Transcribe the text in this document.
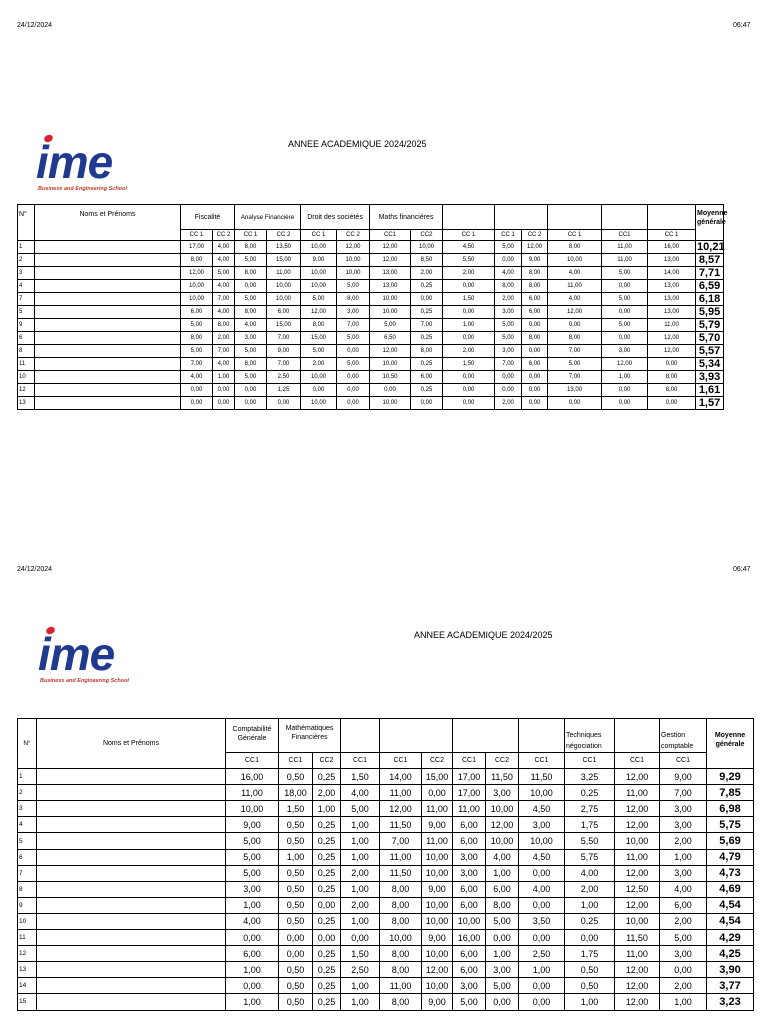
24/12/2024	06:47
ime
Business and Engineering School
ANNEE ACADEMIQUE 2024/2025
N°	Noms et Prénoms	Fiscalité		Analyse Financière		Droit des sociétés		Maths financières								Moyenne générale
		CC 1	CC 2	CC 1	CC 2	CC 1	CC 2	CC1	CC2	CC 1	CC 1	CC 2	CC 1	CC1	CC 1	
1		17,00	4,00	8,00	13,50	10,00	12,00	12,00	10,00	4,50	5,00	12,00	8,00	11,00	16,00	10,21
2		8,00	4,00	5,00	15,00	9,00	10,00	12,00	8,50	5,50	0,00	9,00	10,00	11,00	13,00	8,57
3		12,00	5,00	8,00	11,00	10,00	10,00	13,00	2,00	2,00	4,00	8,00	4,00	5,00	14,00	7,71
4		10,00	4,00	0,00	10,00	10,00	5,00	13,00	0,25	0,00	8,00	8,00	11,00	0,00	13,00	6,59
7		10,00	7,00	5,00	10,00	5,00	8,00	10,00	0,00	1,50	2,00	6,00	4,00	5,00	13,00	6,18
5		6,00	4,00	8,00	6,00	12,00	3,00	10,00	0,25	0,00	3,00	6,00	12,00	0,00	13,00	5,95
9		5,00	8,00	4,00	15,00	8,00	7,00	5,00	7,00	1,00	5,00	0,00	0,00	5,00	11,00	5,79
6		8,00	2,00	3,00	7,00	15,00	5,00	6,50	0,25	0,00	5,00	8,00	8,00	0,00	12,00	5,70
8		5,00	7,00	5,00	9,00	5,00	0,00	12,00	8,00	2,00	3,00	0,00	7,00	3,00	12,00	5,57
11		7,00	4,00	8,00	7,00	2,00	5,00	10,00	0,25	1,50	7,00	6,00	5,00	12,00	0,00	5,34
10		4,00	1,00	5,00	2,50	10,00	0,00	10,50	6,00	0,00	0,00	0,00	7,00	1,00	8,00	3,93
12		0,00	0,00	0,00	1,25	0,00	0,00	0,00	0,25	0,00	0,00	0,00	13,00	0,00	8,00	1,61
13		0,00	0,00	0,00	0,00	10,00	0,00	10,00	0,00	0,00	2,00	0,00	0,00	0,00	0,00	1,57
24/12/2024	06:47
ime
Business and Engineering School
ANNEE ACADEMIQUE 2024/2025
N°	Noms et Prénoms	Comptabilité Générale	Mathématiques Financières								Techniques négociation		Gestion comptable	Moyenne générale
		CC1	CC1	CC2	CC1	CC1	CC2	CC1	CC2	CC1	CC1	CC1	CC1	
1		16,00	0,50	0,25	1,50	14,00	15,00	17,00	11,50	11,50	3,25	12,00	9,00	9,29
2		11,00	18,00	2,00	4,00	11,00	0,00	17,00	3,00	10,00	0,25	11,00	7,00	7,85
3		10,00	1,50	1,00	5,00	12,00	11,00	11,00	10,00	4,50	2,75	12,00	3,00	6,98
4		9,00	0,50	0,25	1,00	11,50	9,00	6,00	12,00	3,00	1,75	12,00	3,00	5,75
5		5,00	0,50	0,25	1,00	7,00	11,00	6,00	10,00	10,00	5,50	10,00	2,00	5,69
6		5,00	1,00	0,25	1,00	11,00	10,00	3,00	4,00	4,50	5,75	11,00	1,00	4,79
7		5,00	0,50	0,25	2,00	11,50	10,00	3,00	1,00	0,00	4,00	12,00	3,00	4,73
8		3,00	0,50	0,25	1,00	8,00	9,00	6,00	6,00	4,00	2,00	12,50	4,00	4,69
9		1,00	0,50	0,00	2,00	8,00	10,00	6,00	8,00	0,00	1,00	12,00	6,00	4,54
10		4,00	0,50	0,25	1,00	8,00	10,00	10,00	5,00	3,50	0,25	10,00	2,00	4,54
11		0,00	0,00	0,00	0,00	10,00	9,00	16,00	0,00	0,00	0,00	11,50	5,00	4,29
12		6,00	0,00	0,25	1,50	8,00	10,00	6,00	1,00	2,50	1,75	11,00	3,00	4,25
13		1,00	0,50	0,25	2,50	8,00	12,00	6,00	3,00	1,00	0,50	12,00	0,00	3,90
14		0,00	0,50	0,25	1,00	11,00	10,00	3,00	5,00	0,00	0,50	12,00	2,00	3,77
15		1,00	0,50	0,25	1,00	8,00	9,00	5,00	0,00	0,00	1,00	12,00	1,00	3,23
